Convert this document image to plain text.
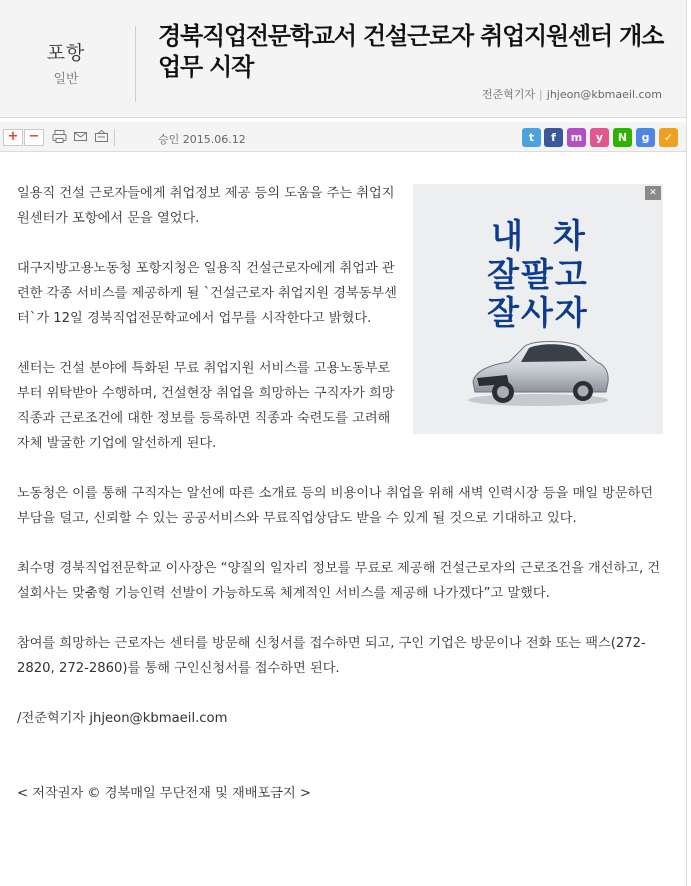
포항
일반
경북직업전문학교서 건설근로자 취업지원센터 개소 업무 시작
전준혁기자 | jhjeon@kbmaeil.com
+ −	승인 2015.06.12	t	f	m	y	N	g	✓
✕
내차
잘팔고
잘사자

일용직 건설 근로자들에게 취업정보 제공 등의 도움을 주는 취업지원센터가 포항에서 문을 열었다.

대구지방고용노동청 포항지청은 일용직 건설근로자에게 취업과 관련한 각종 서비스를 제공하게 될 `건설근로자 취업지원 경북동부센터`가 12일 경북직업전문학교에서 업무를 시작한다고 밝혔다.

센터는 건설 분야에 특화된 무료 취업지원 서비스를 고용노동부로부터 위탁받아 수행하며, 건설현장 취업을 희망하는 구직자가 희망직종과 근로조건에 대한 정보를 등록하면 직종과 숙련도를 고려해 자체 발굴한 기업에 알선하게 된다.

노동청은 이를 통해 구직자는 알선에 따른 소개료 등의 비용이나 취업을 위해 새벽 인력시장 등을 매일 방문하던 부담을 덜고, 신뢰할 수 있는 공공서비스와 무료직업상담도 받을 수 있게 될 것으로 기대하고 있다.

최수명 경북직업전문학교 이사장은 “양질의 일자리 정보를 무료로 제공해 건설근로자의 근로조건을 개선하고, 건설회사는 맞춤형 기능인력 선발이 가능하도록 체계적인 서비스를 제공해 나가겠다”고 말했다.

참여를 희망하는 근로자는 센터를 방문해 신청서를 접수하면 되고, 구인 기업은 방문이나 전화 또는 팩스(272-2820, 272-2860)를 통해 구인신청서를 접수하면 된다.

/전준혁기자 jhjeon@kbmaeil.com

< 저작권자 © 경북매일 무단전재 및 재배포금지 >
